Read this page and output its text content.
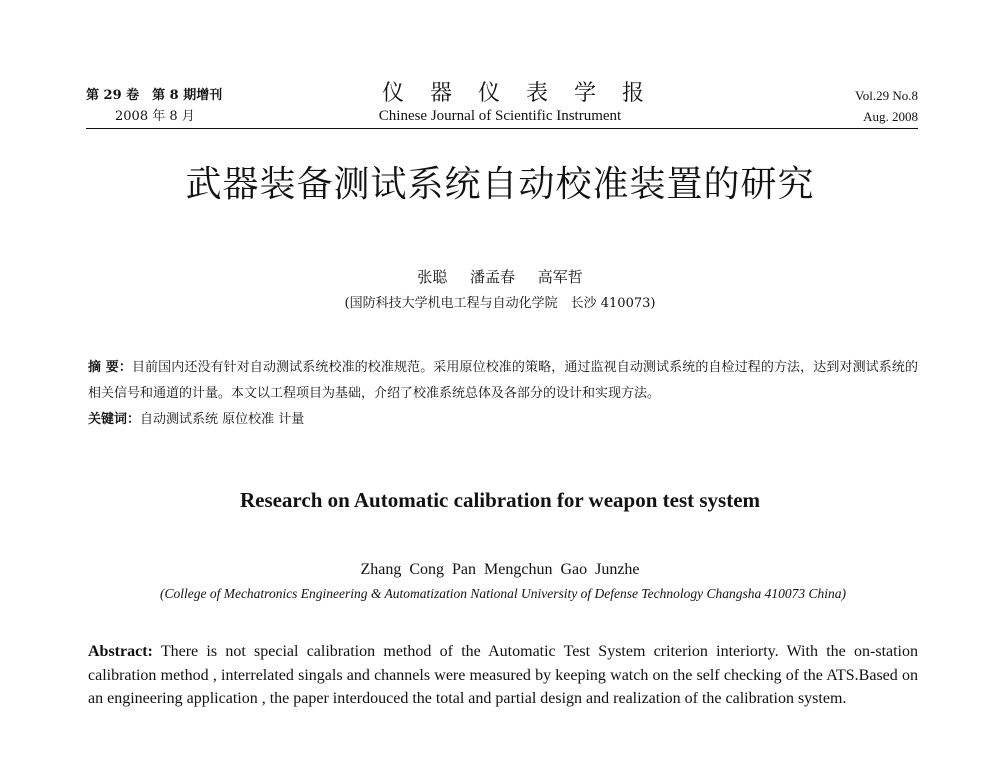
第 29 卷　第 8 期增刊
2008 年 8 月
仪器仪表学报
Chinese Journal of Scientific Instrument
Vol.29 No.8
Aug. 2008
武器装备测试系统自动校准装置的研究
张聪 潘孟春 高军哲
(国防科技大学机电工程与自动化学院　长沙 410073)
摘 要：目前国内还没有针对自动测试系统校准的校准规范。采用原位校准的策略，通过监视自动测试系统的自检过程的方法，达到对测试系统的相关信号和通道的计量。本文以工程项目为基础，介绍了校准系统总体及各部分的设计和实现方法。
关键词：自动测试系统 原位校准 计量
Research on Automatic calibration for weapon test system
Zhang Cong Pan Mengchun Gao Junzhe
(College of Mechatronics Engineering & Automatization National University of Defense Technology Changsha 410073 China)
Abstract: There is not special calibration method of the Automatic Test System criterion interiorty. With the on-station calibration method , interrelated singals and channels were measured by keeping watch on the self checking of the ATS.Based on an engineering application , the paper interdouced the total and partial design and realization of the calibration system.
